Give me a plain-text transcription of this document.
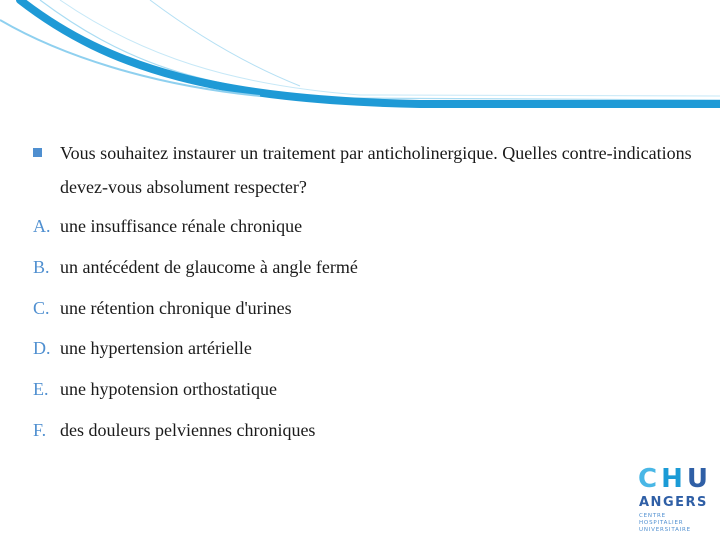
Vous souhaitez instaurer un traitement par anticholinergique. Quelles contre-indications devez-vous absolument respecter?
A. une insuffisance rénale chronique
B. un antécédent de glaucome à angle fermé
C. une rétention chronique d'urines
D. une hypertension artérielle
E. une hypotension orthostatique
F. des douleurs pelviennes chroniques
CHU
ANGERS
CENTRE HOSPITALIER UNIVERSITAIRE
